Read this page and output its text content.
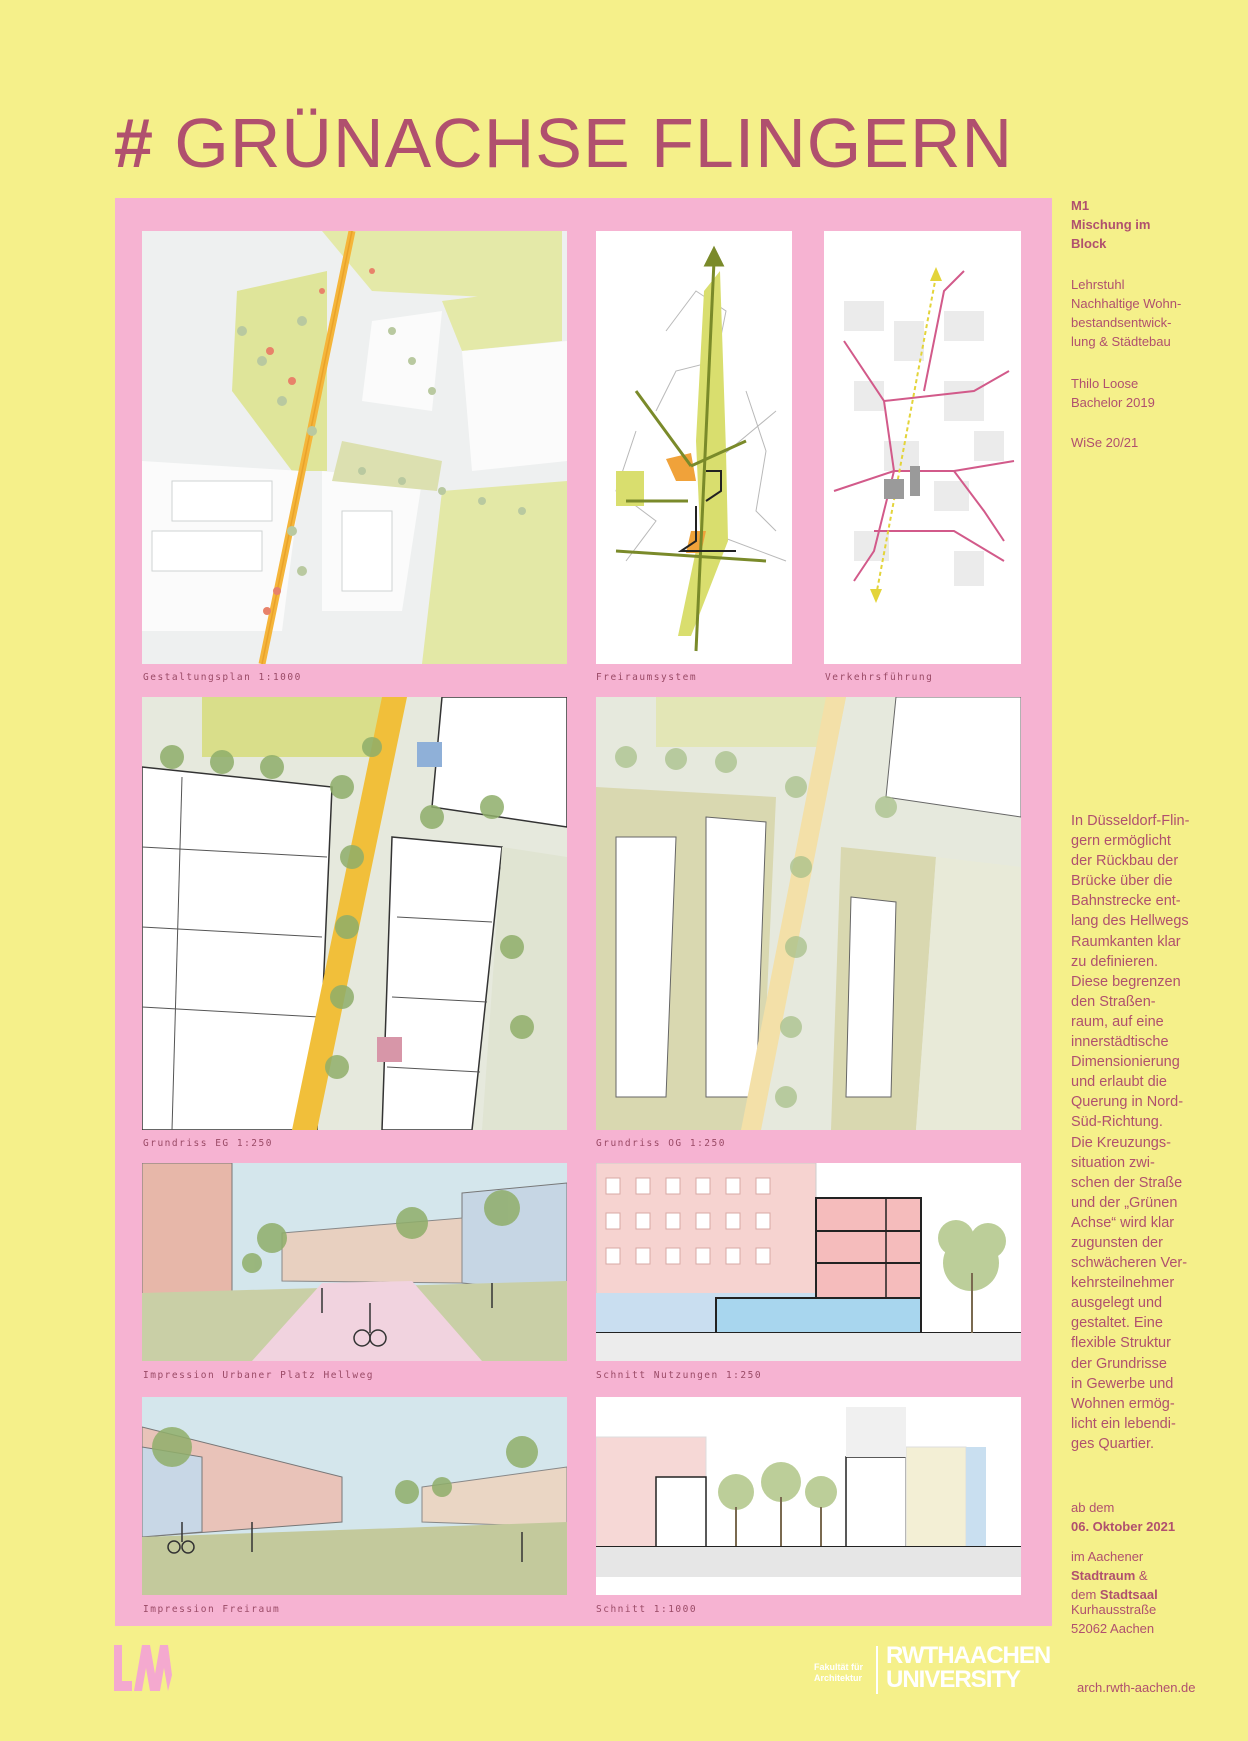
# GRÜNACHSE FLINGERN
Gestaltungsplan 1:1000	Freiraumsystem	Verkehrsführung
Grundriss EG 1:250	Grundriss OG 1:250
Impression Urbaner Platz Hellweg	Schnitt Nutzungen 1:250
Impression Freiraum	Schnitt 1:1000

M1

Mischung im

Block

Lehrstuhl

Nachhaltige Wohn-

bestandsentwick-

lung & Städtebau

Thilo Loose

Bachelor 2019

WiSe 20/21

In Düsseldorf-Flin-

gern ermöglicht

der Rückbau der

Brücke über die

Bahnstrecke ent-

lang des Hellwegs

Raumkanten klar

zu definieren.

Diese begrenzen

den Straßen-

raum, auf eine

innerstädtische

Dimensionierung

und erlaubt die

Querung in Nord-

Süd-Richtung.

Die Kreuzungs-

situation zwi-

schen der Straße

und der „Grünen

Achse“ wird klar

zugunsten der

schwächeren Ver-

kehrsteilnehmer

ausgelegt und

gestaltet. Eine

flexible Struktur

der Grundrisse

in Gewerbe und

Wohnen ermög-

licht ein lebendi-

ges Quartier.

ab dem

06. Oktober 2021

im Aachener

Stadtraum &

dem Stadtsaal

Kurhausstraße

52062 Aachen

Fakultät für
Architektur
RWTHAACHEN
UNIVERSITY	arch.rwth-aachen.de
